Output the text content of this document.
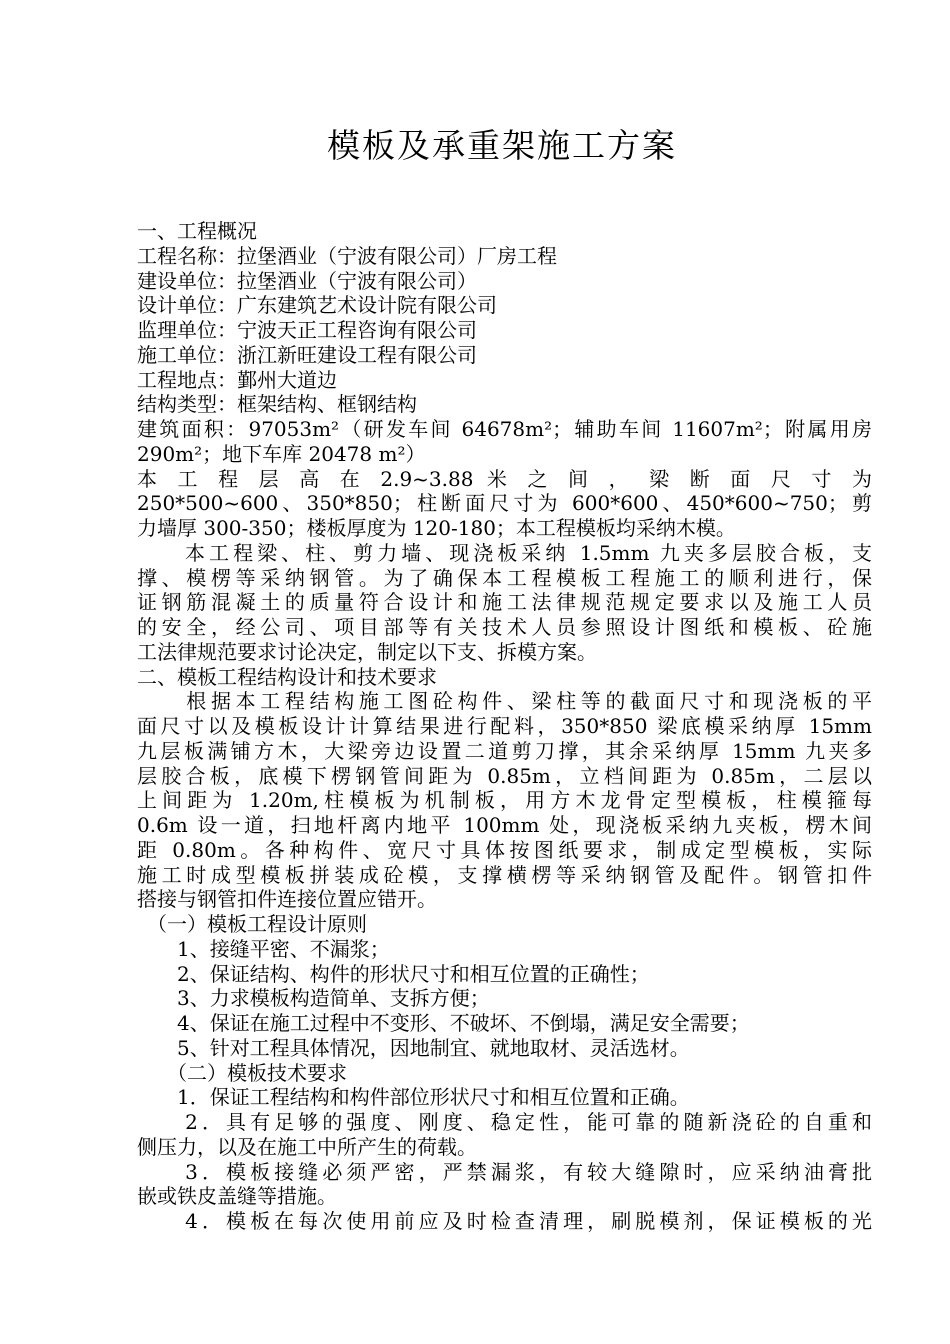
模板及承重架施工方案
一、工程概况
工程名称：拉堡酒业（宁波有限公司）厂房工程
建设单位：拉堡酒业（宁波有限公司）
设计单位：广东建筑艺术设计院有限公司
监理单位：宁波天正工程咨询有限公司
施工单位：浙江新旺建设工程有限公司
工程地点：鄞州大道边
结构类型：框架结构、框钢结构
建筑面积：97053m²（研发车间 64678m²；辅助车间 11607m²；附属用房
290m²；地下车库 20478 m²）
本 工 程 层 高 在 2.9~3.88 米 之 间 ， 梁 断 面 尺 寸 为
250*500~600、350*850；柱断面尺寸为 600*600、450*600~750；剪
力墙厚 300-350；楼板厚度为 120-180；本工程模板均采纳木模。
　　本工程梁、柱、剪力墙、现浇板采纳 1.5mm 九夹多层胶合板，支
撑、模楞等采纳钢管。为了确保本工程模板工程施工的顺利进行，保
证钢筋混凝土的质量符合设计和施工法律规范规定要求以及施工人员
的安全，经公司、项目部等有关技术人员参照设计图纸和模板、砼施
工法律规范要求讨论决定，制定以下支、拆模方案。
二、模板工程结构设计和技术要求
　　根据本工程结构施工图砼构件、梁柱等的截面尺寸和现浇板的平
面尺寸以及模板设计计算结果进行配料，350*850 梁底模采纳厚 15mm
九层板满铺方木，大梁旁边设置二道剪刀撑，其余采纳厚 15mm 九夹多
层胶合板，底模下楞钢管间距为 0.85m，立档间距为 0.85m，二层以
上间距为 1.20m,柱模板为机制板，用方木龙骨定型模板，柱模箍每
0.6m 设一道，扫地杆离内地平 100mm 处，现浇板采纳九夹板，楞木间
距 0.80m。各种构件、宽尺寸具体按图纸要求，制成定型模板，实际
施工时成型模板拼装成砼模，支撑横楞等采纳钢管及配件。钢管扣件
搭接与钢管扣件连接位置应错开。
　（一）模板工程设计原则
　　1、接缝平密、不漏浆；
　　2、保证结构、构件的形状尺寸和相互位置的正确性；
　　3、力求模板构造简单、支拆方便；
　　4、保证在施工过程中不变形、不破坏、不倒塌，满足安全需要；
　　5、针对工程具体情况，因地制宜、就地取材、灵活选材。
　　（二）模板技术要求
　　1．保证工程结构和构件部位形状尺寸和相互位置和正确。
　　2．具有足够的强度、刚度、稳定性，能可靠的随新浇砼的自重和
侧压力，以及在施工中所产生的荷载。
　　3．模板接缝必须严密，严禁漏浆，有较大缝隙时，应采纳油膏批
嵌或铁皮盖缝等措施。
　　4．模板在每次使用前应及时检查清理，刷脱模剂，保证模板的光
